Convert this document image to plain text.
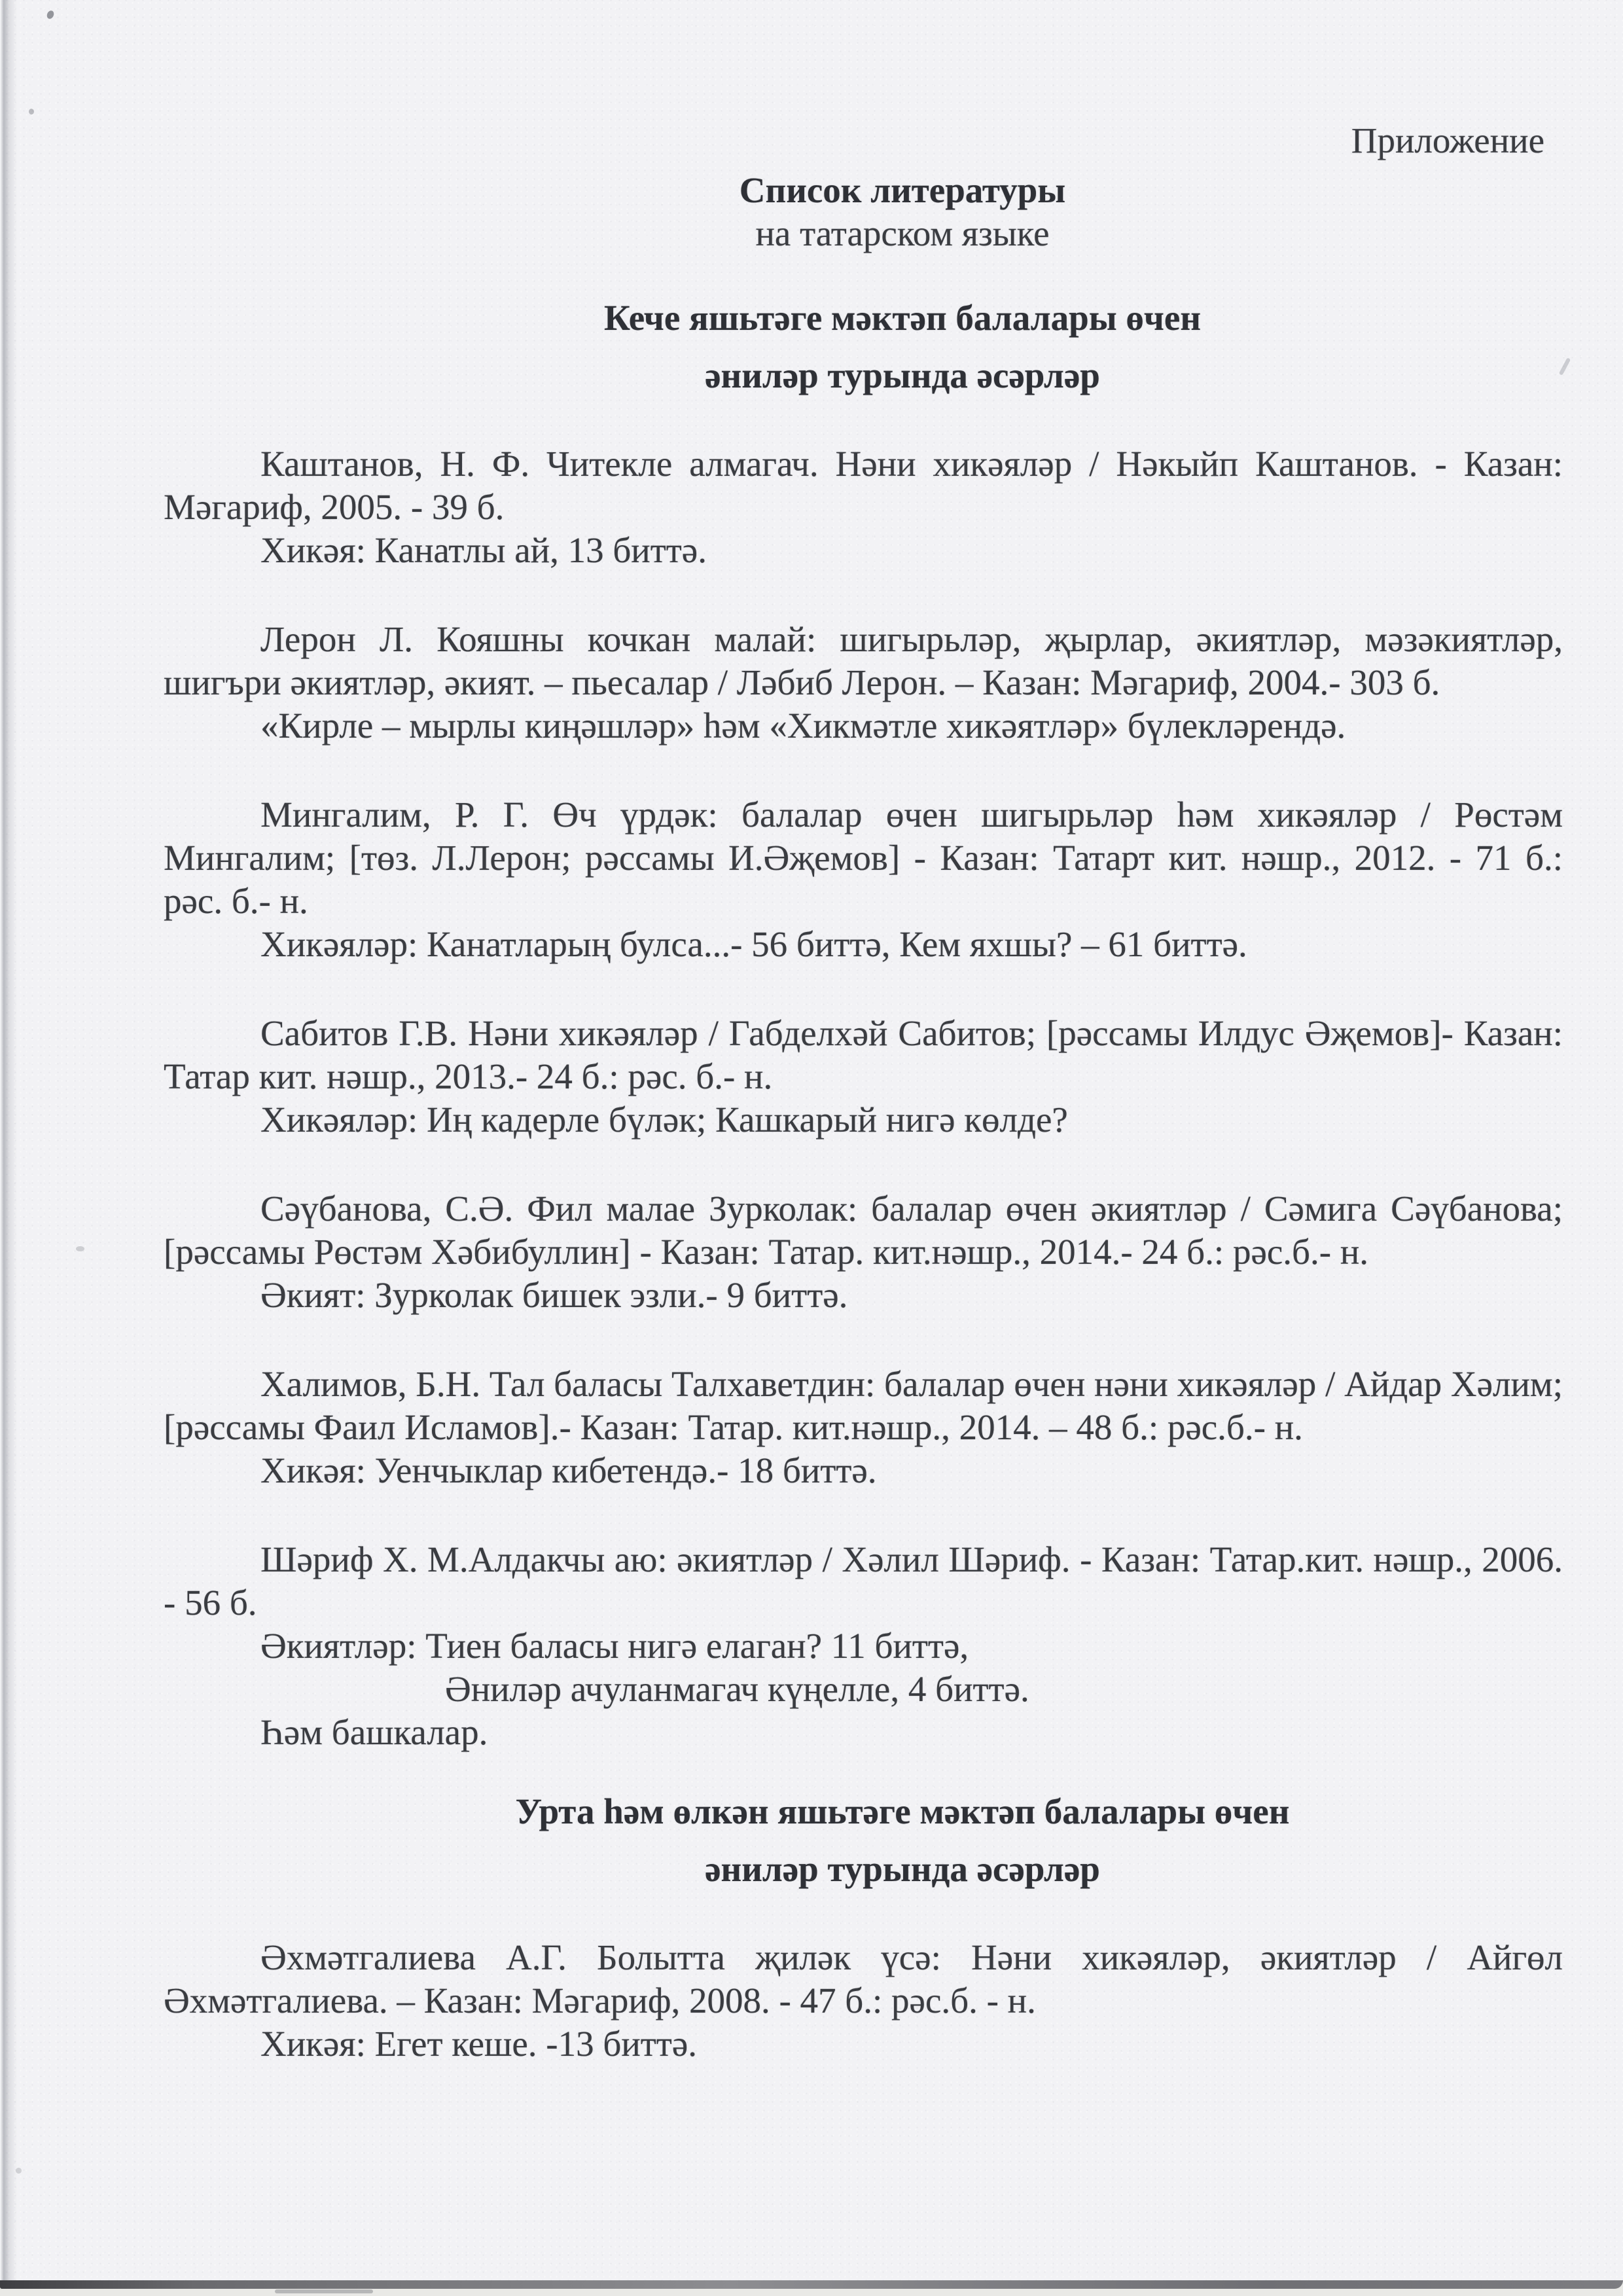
Приложение
Список литературы
на татарском языке
Кече яшьтәге мәктәп балалары өчен
әниләр турында әсәрләр

Каштанов, Н. Ф. Читекле алмагач. Нәни хикәяләр / Нәкыйп Каштанов. - Казан: Мәгариф, 2005. - 39 б.

Хикәя: Канатлы ай, 13 биттә.

Лерон Л. Кояшны кочкан малай: шигырьләр, җырлар, әкиятләр, мәзәкиятләр, шигъри әкиятләр, әкият. – пьесалар / Ләбиб Лерон. – Казан: Мәгариф, 2004.- 303 б.

«Кирле – мырлы киңәшләр» һәм «Хикмәтле хикәятләр» бүлекләрендә.

Мингалим, Р. Г. Өч үрдәк: балалар өчен шигырьләр һәм хикәяләр / Рөстәм Мингалим; [төз. Л.Лерон; рәссамы И.Әҗемов] - Казан: Татарт кит. нәшр., 2012. - 71 б.: рәс. б.- н.

Хикәяләр: Канатларың булса...- 56 биттә, Кем яхшы? – 61 биттә.

Сабитов Г.В. Нәни хикәяләр / Габделхәй Сабитов; [рәссамы Илдус Әҗемов]- Казан: Татар кит. нәшр., 2013.- 24 б.: рәс. б.- н.

Хикәяләр: Иң кадерле бүләк; Кашкарый нигә көлде?

Сәүбанова, С.Ә. Фил малае Зурколак: балалар өчен әкиятләр / Сәмига Сәүбанова; [рәссамы Рөстәм Хәбибуллин] - Казан: Татар. кит.нәшр., 2014.- 24 б.: рәс.б.- н.

Әкият: Зурколак бишек эзли.- 9 биттә.

Халимов, Б.Н. Тал баласы Талхаветдин: балалар өчен нәни хикәяләр / Айдар Хәлим; [рәссамы Фаил Исламов].- Казан: Татар. кит.нәшр., 2014. – 48 б.: рәс.б.- н.

Хикәя: Уенчыклар кибетендә.- 18 биттә.

Шәриф Х. М.Алдакчы аю: әкиятләр / Хәлил Шәриф. - Казан: Татар.кит. нәшр., 2006. - 56 б.

Әкиятләр: Тиен баласы нигә елаган? 11 биттә,

Әниләр ачуланмагач күңелле, 4 биттә.

Һәм башкалар.

Урта һәм өлкән яшьтәге мәктәп балалары өчен
әниләр турында әсәрләр

Әхмәтгалиева А.Г. Болытта җиләк үсә: Нәни хикәяләр, әкиятләр / Айгөл Әхмәтгалиева. – Казан: Мәгариф, 2008. - 47 б.: рәс.б. - н.

Хикәя: Егет кеше. -13 биттә.
